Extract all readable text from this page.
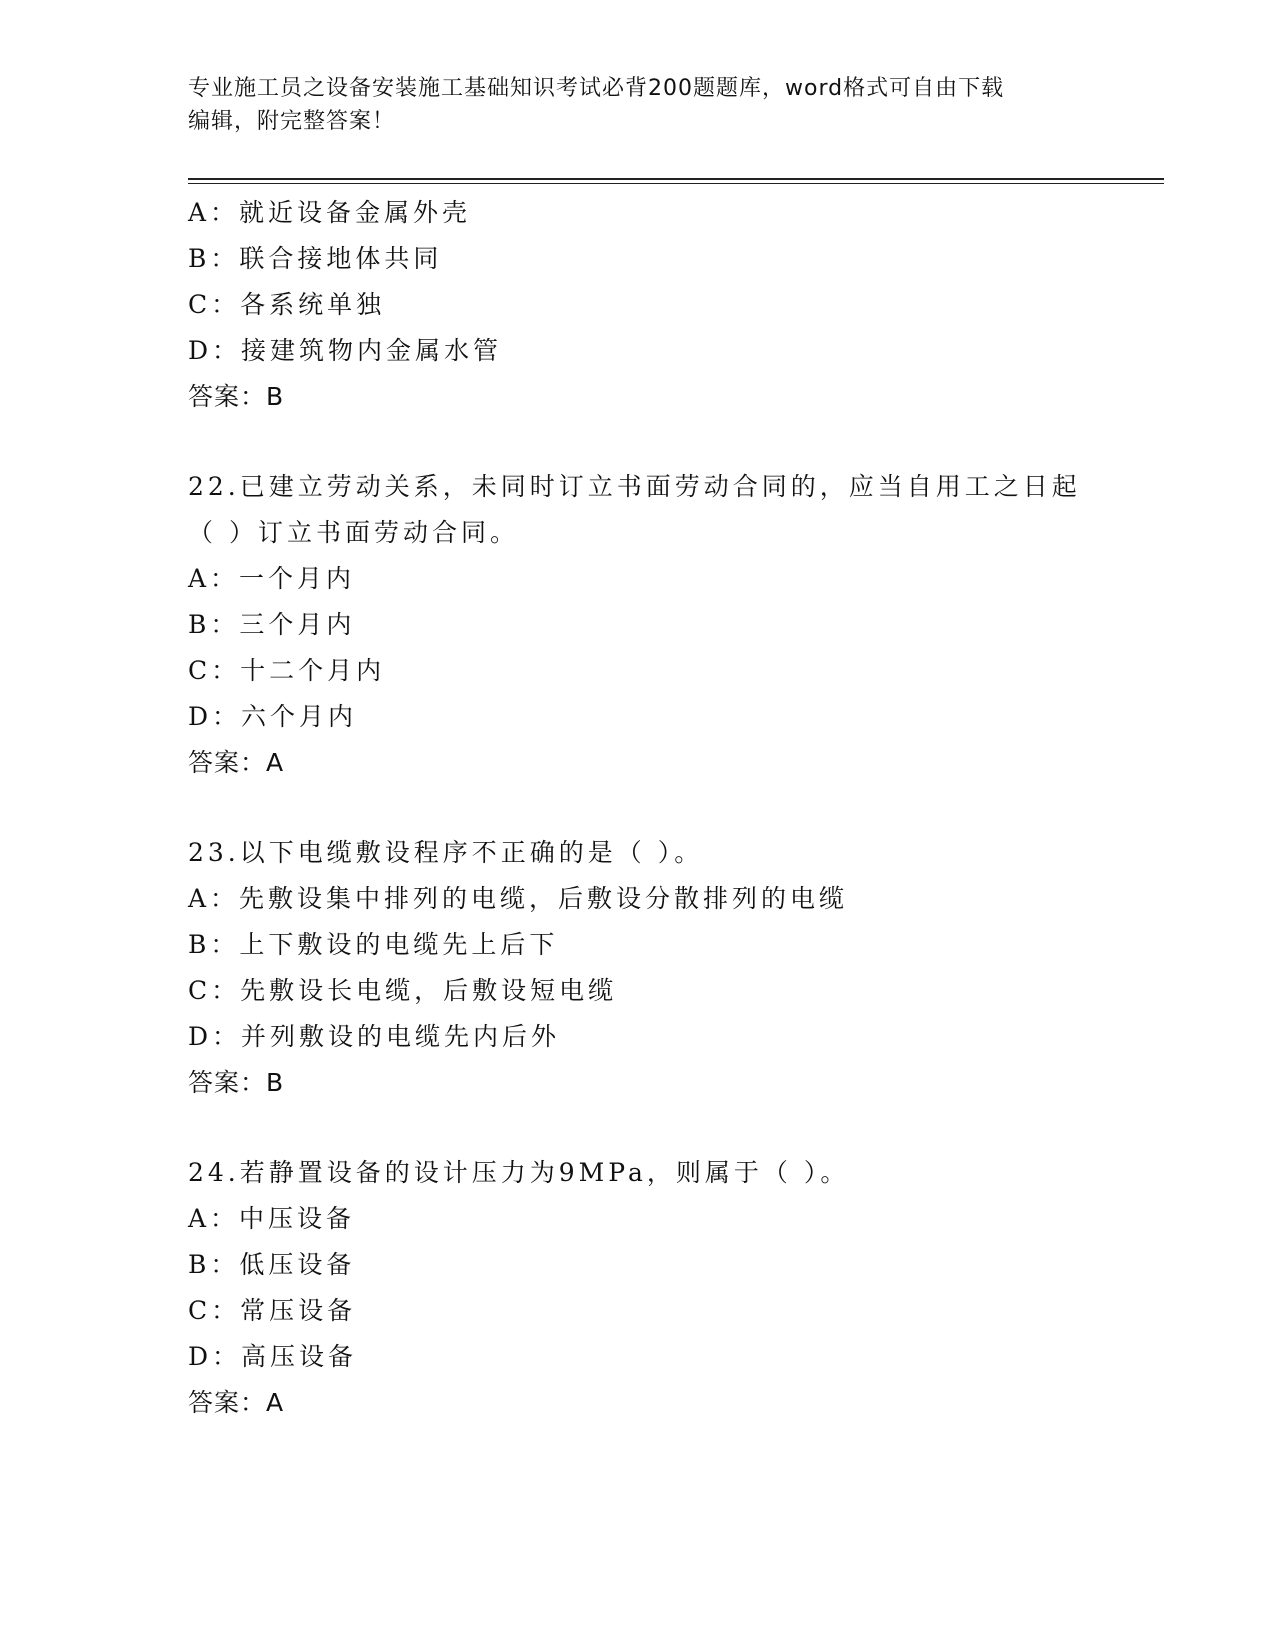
专业施工员之设备安装施工基础知识考试必背200题题库，word格式可自由下载
编辑，附完整答案！
A：就近设备金属外壳
B：联合接地体共同
C：各系统单独
D：接建筑物内金属水管
答案：B
22.已建立劳动关系，未同时订立书面劳动合同的，应当自用工之日起
（ ）订立书面劳动合同。
A：一个月内
B：三个月内
C：十二个月内
D：六个月内
答案：A
23.以下电缆敷设程序不正确的是（ ）。
A：先敷设集中排列的电缆，后敷设分散排列的电缆
B：上下敷设的电缆先上后下
C：先敷设长电缆，后敷设短电缆
D：并列敷设的电缆先内后外
答案：B
24.若静置设备的设计压力为9MPa，则属于（ ）。
A：中压设备
B：低压设备
C：常压设备
D：高压设备
答案：A
